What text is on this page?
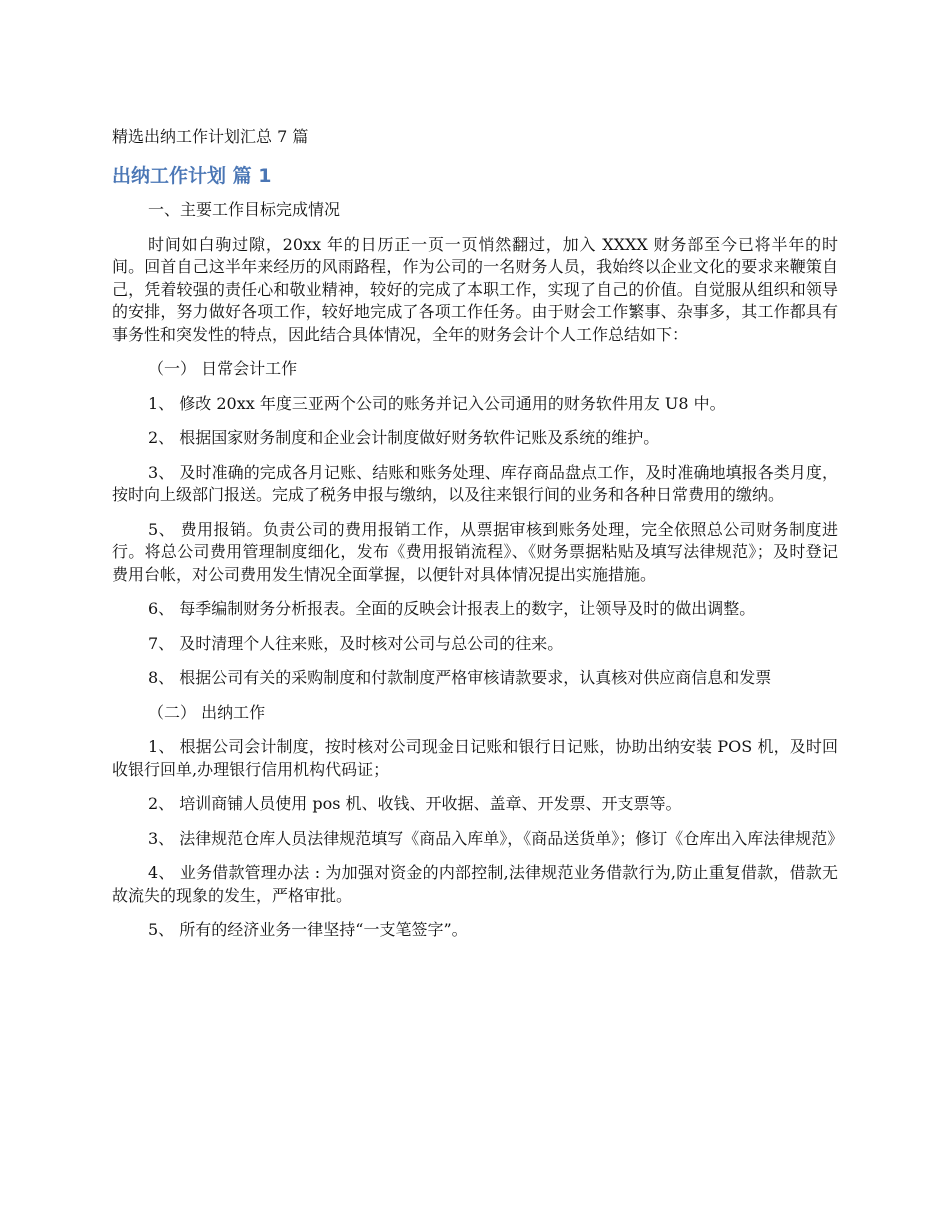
精选出纳工作计划汇总 7 篇
出纳工作计划 篇 1

一、主要工作目标完成情况

时间如白驹过隙，20xx 年的日历正一页一页悄然翻过，加入 XXXX 财务部至今已将半年的时间。回首自己这半年来经历的风雨路程，作为公司的一名财务人员，我始终以企业文化的要求来鞭策自己，凭着较强的责任心和敬业精神，较好的完成了本职工作，实现了自己的价值。自觉服从组织和领导的安排，努力做好各项工作，较好地完成了各项工作任务。由于财会工作繁事、杂事多，其工作都具有事务性和突发性的特点，因此结合具体情况，全年的财务会计个人工作总结如下：

（一） 日常会计工作

1、 修改 20xx 年度三亚两个公司的账务并记入公司通用的财务软件用友 U8 中。

2、 根据国家财务制度和企业会计制度做好财务软件记账及系统的维护。

3、 及时准确的完成各月记账、结账和账务处理、库存商品盘点工作，及时准确地填报各类月度，按时向上级部门报送。完成了税务申报与缴纳，以及往来银行间的业务和各种日常费用的缴纳。

5、 费用报销。负责公司的费用报销工作，从票据审核到账务处理，完全依照总公司财务制度进行。将总公司费用管理制度细化，发布《费用报销流程》、《财务票据粘贴及填写法律规范》；及时登记费用台帐，对公司费用发生情况全面掌握，以便针对具体情况提出实施措施。

6、 每季编制财务分析报表。全面的反映会计报表上的数字，让领导及时的做出调整。

7、 及时清理个人往来账，及时核对公司与总公司的往来。

8、 根据公司有关的采购制度和付款制度严格审核请款要求，认真核对供应商信息和发票

（二） 出纳工作

1、 根据公司会计制度，按时核对公司现金日记账和银行日记账，协助出纳安装 POS 机，及时回收银行回单,办理银行信用机构代码证；

2、 培训商铺人员使用 pos 机、收钱、开收据、盖章、开发票、开支票等。

3、 法律规范仓库人员法律规范填写《商品入库单》，《商品送货单》；修订《仓库出入库法律规范》

4、 业务借款管理办法 : 为加强对资金的内部控制,法律规范业务借款行为,防止重复借款，借款无故流失的现象的发生，严格审批。

5、 所有的经济业务一律坚持“一支笔签字”。
